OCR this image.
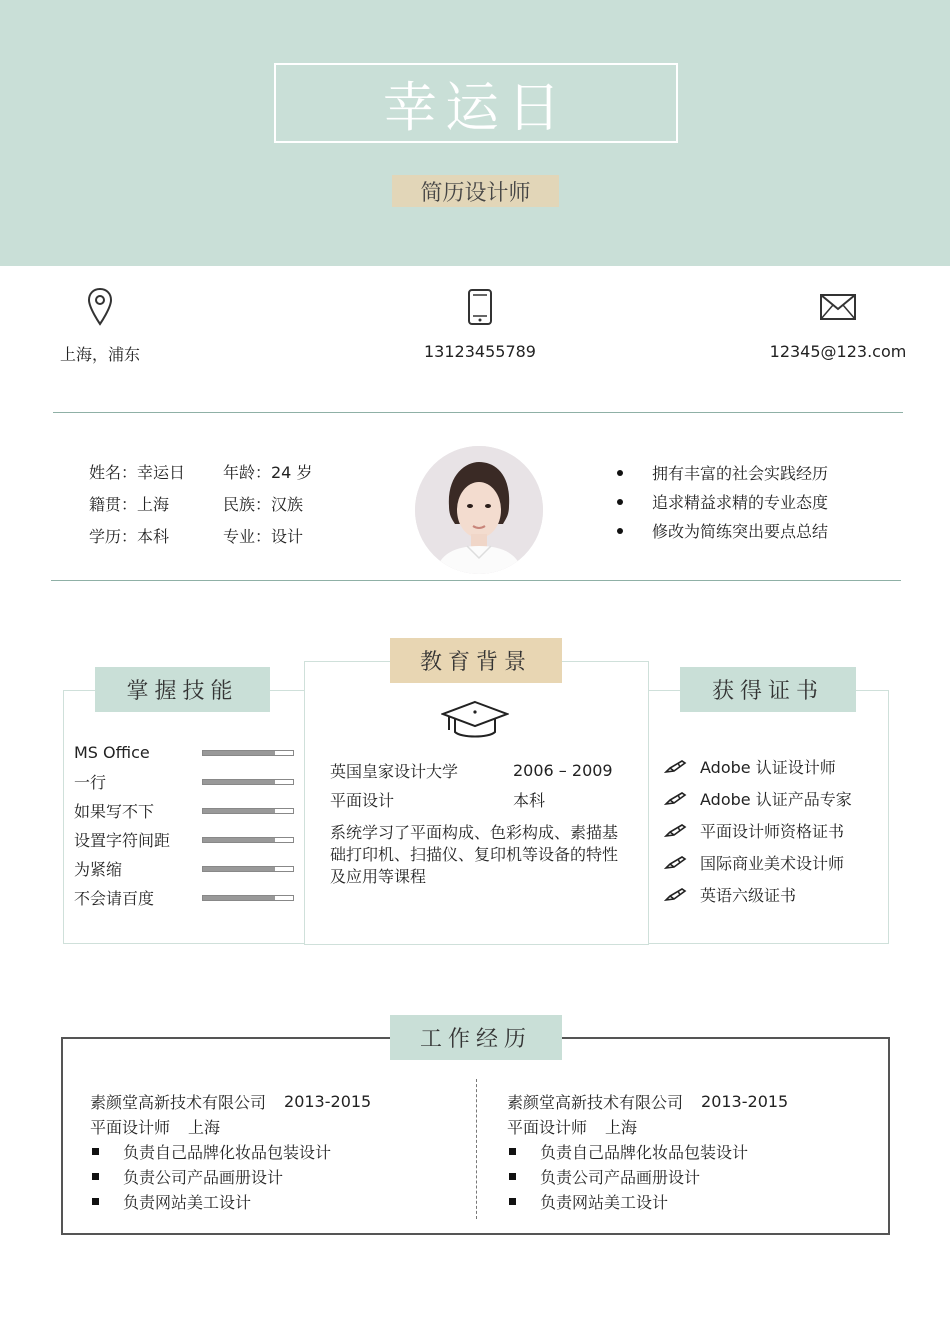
幸运日
简历设计师
上海，浦东	13123455789	12345@123.com
姓名：幸运日
籍贯：上海
学历：本科
年龄：24 岁
民族：汉族
专业：设计
拥有丰富的社会实践经历
追求精益求精的专业态度
修改为简练突出要点总结
掌握技能
MS Office
一行
如果写不下
设置字符间距
为紧缩
不会请百度
获得证书
Adobe 认证设计师
Adobe 认证产品专家
平面设计师资格证书
国际商业美术设计师
英语六级证书
教育背景
英国皇家设计大学	2006 – 2009
平面设计	本科
系统学习了平面构成、色彩构成、素描基础打印机、扫描仪、复印机等设备的特性及应用等课程
素颜堂高新技术有限公司 2013-2015
平面设计师 上海
负责自己品牌化妆品包装设计
负责公司产品画册设计
负责网站美工设计
素颜堂高新技术有限公司 2013-2015
平面设计师 上海
负责自己品牌化妆品包装设计
负责公司产品画册设计
负责网站美工设计
工作经历
